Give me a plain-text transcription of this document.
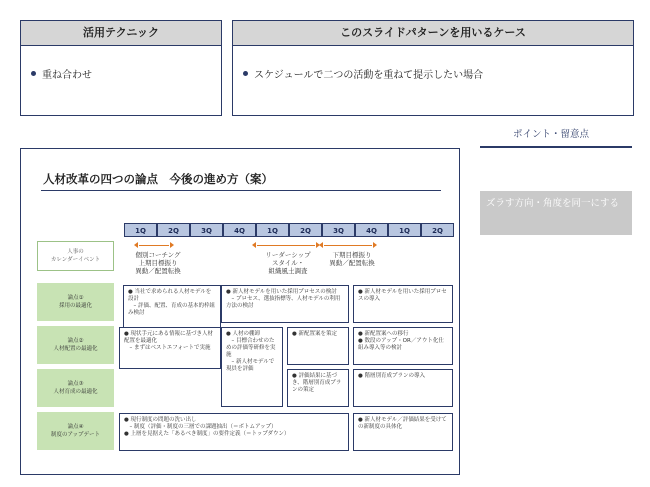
活用テクニック
重ね合わせ
このスライドパターンを用いるケース
スケジュールで二つの活動を重ねて提示したい場合
ポイント・留意点
ズラす方向・角度を同一にする
人材改革の四つの論点　今後の進め方（案）
1Q	2Q	3Q	4Q	1Q	2Q	3Q	4Q	1Q	2Q
人事の
カレンダーイベント
個別コーチング
上期目標振り
異動／配置転換
リーダーシップ
スタイル・
組織風土調査
下期目標振り
異動／配置転換
論点①
採用の最適化
論点②
人材配置の最適化
論点③
人材育成の最適化
論点④
制度のアップデート
● 当社で求められる人材モデルを設計
　– 評価、配置、育成の基本的枠組み検討
● 新人材モデルを用いた採用プロセスの検討
　– プロセス、選抜指標等、人材モデルの利用方法の検討
● 新人材モデルを用いた採用プロセスの導入
● 現状手元にある情報に基づき人材配置を最適化
　– まずはベストエフォートで実施
● 人材の棚卸
　– 目標合わせのための評価等研修を実施
　– 新人材モデルで現員を評価
● 新配置案を策定	● 新配置案への移行
● 数段のアップ・OR／アウト化仕組み導入等の検討
● 評価結果に基づき、階層別育成プランの策定
● 階層別育成プランの導入
● 現行制度の問題の洗い出し
　– 制度（評価・制度の三層での課題抽出（＝ボトムアップ）
● 上層を見据えた「あるべき制度」の要件定義（＝トップダウン）
● 新人材モデル／評価結果を受けての新制度の具体化
